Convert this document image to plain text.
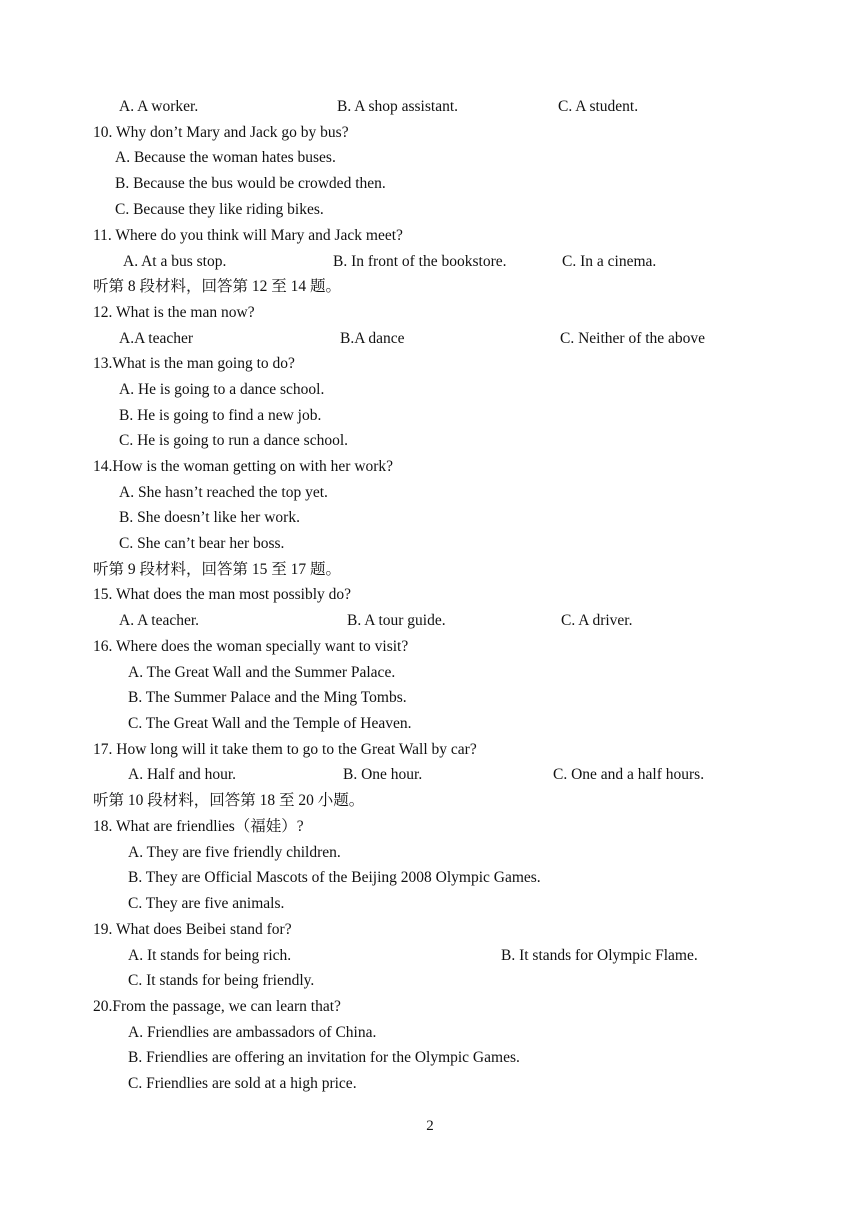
A. A worker.	B. A shop assistant.	C. A student.
10. Why don’t Mary and Jack go by bus?
A. Because the woman hates buses.
B. Because the bus would be crowded then.
C. Because they like riding bikes.
11. Where do you think will Mary and Jack meet?
A. At a bus stop.	B. In front of the bookstore.	C. In a cinema.
听第 8 段材料，回答第 12 至 14 题。
12. What is the man now?
A.A teacher	B.A dance	C. Neither of the above
13.What is the man going to do?
A. He is going to a dance school.
B. He is going to find a new job.
C. He is going to run a dance school.
14.How is the woman getting on with her work?
A. She hasn’t reached the top yet.
B. She doesn’t like her work.
C. She can’t bear her boss.
听第 9 段材料，回答第 15 至 17 题。
15. What does the man most possibly do?
A. A teacher.	B. A tour guide.	C. A driver.
16. Where does the woman specially want to visit?
A. The Great Wall and the Summer Palace.
B. The Summer Palace and the Ming Tombs.
C. The Great Wall and the Temple of Heaven.
17. How long will it take them to go to the Great Wall by car?
A. Half and hour.	B. One hour.	C. One and a half hours.
听第 10 段材料，回答第 18 至 20 小题。
18. What are friendlies（福娃）?
A. They are five friendly children.
B. They are Official Mascots of the Beijing 2008 Olympic Games.
C. They are five animals.
19. What does Beibei stand for?
A. It stands for being rich.	B. It stands for Olympic Flame.
C. It stands for being friendly.
20.From the passage, we can learn that?
A. Friendlies are ambassadors of China.
B. Friendlies are offering an invitation for the Olympic Games.
C. Friendlies are sold at a high price.
2
